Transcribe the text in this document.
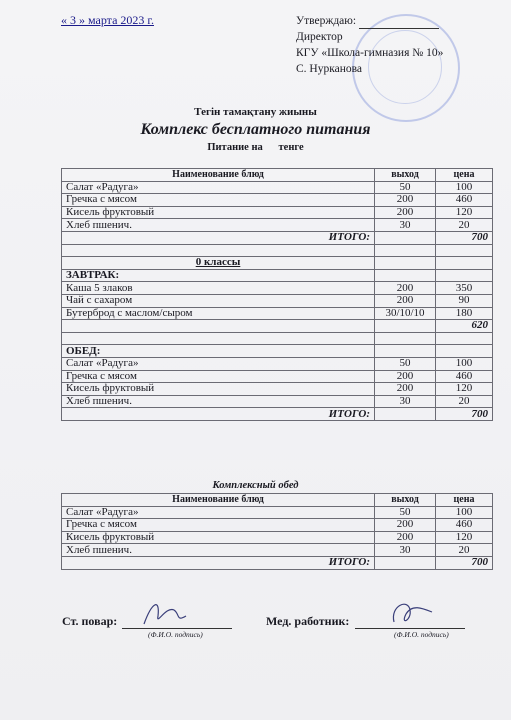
« 3 » марта 2023 г.	Утверждаю:
Директор
КГУ «Школа-гимназия № 10»
С. Нурканова
Тегін тамақтану жиыны
Комплекс бесплатного питания
Питание на тенге
Наименование блюд	выход	цена
Салат «Радуга»	50	100
Гречка с мясом	200	460
Кисель фруктовый	200	120
Хлеб пшенич.	30	20
ИТОГО:		700

0 классы		
ЗАВТРАК:		
Каша 5 злаков	200	350
Чай с сахаром	200	90
Бутерброд с маслом/сыром	30/10/10	180
		620

ОБЕД:		
Салат «Радуга»	50	100
Гречка с мясом	200	460
Кисель фруктовый	200	120
Хлеб пшенич.	30	20
ИТОГО:		700
Комплексный обед
Наименование блюд	выход	цена
Салат «Радуга»	50	100
Гречка с мясом	200	460
Кисель фруктовый	200	120
Хлеб пшенич.	30	20
ИТОГО:		700
Ст. повар:
(Ф.И.О. подпись)
Мед. работник:
(Ф.И.О. подпись)
